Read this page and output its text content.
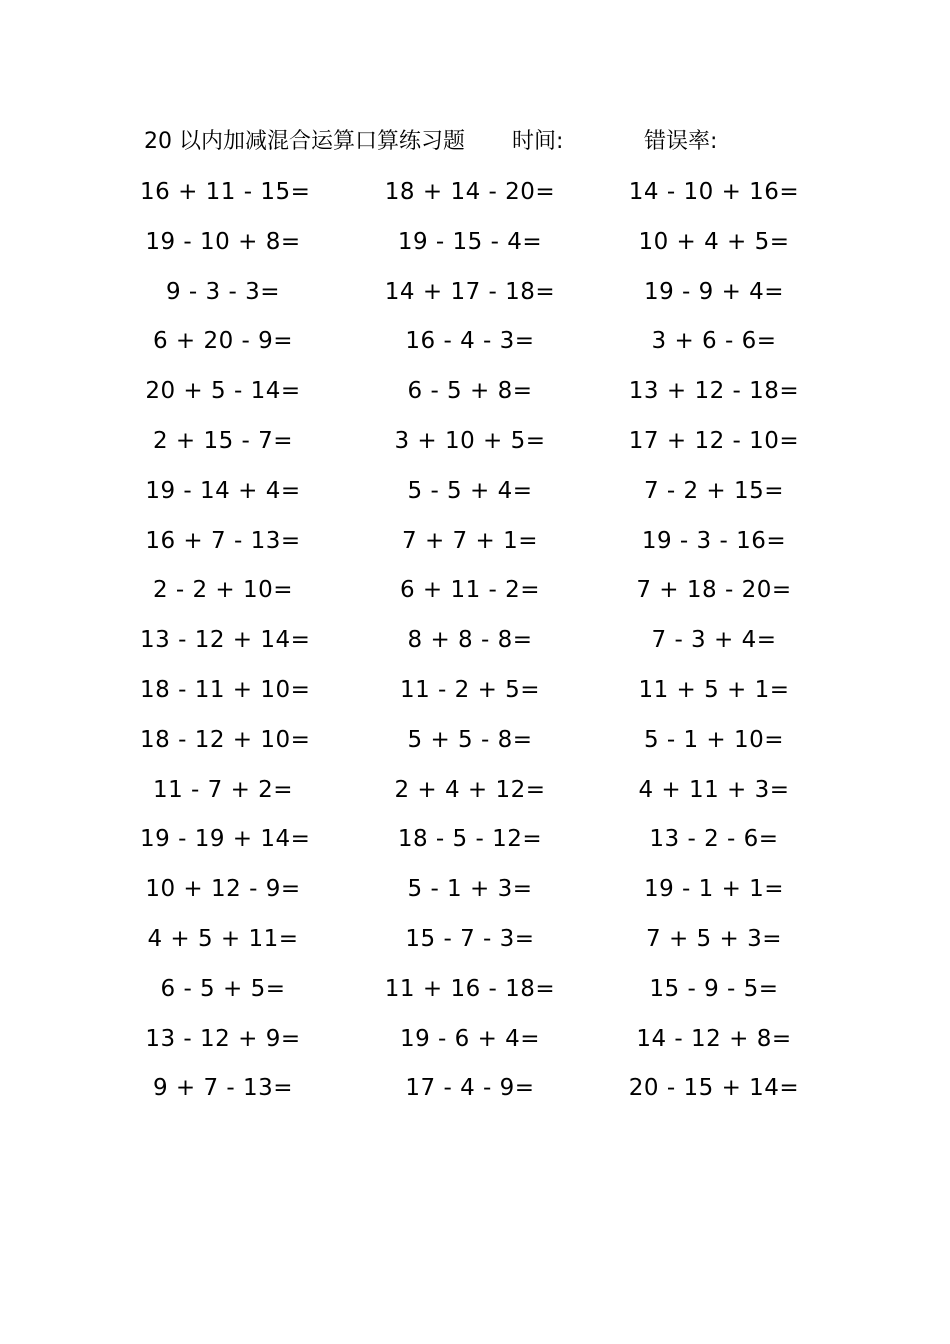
20 以内加减混合运算口算练习题 时间:	错误率:
16 + 11 - 15=	18 + 14 - 20=	14 - 10 + 16=
19 - 10 + 8=	19 - 15 - 4=	10 + 4 + 5=
9 - 3 - 3=	14 + 17 - 18=	19 - 9 + 4=
6 + 20 - 9=	16 - 4 - 3=	3 + 6 - 6=
20 + 5 - 14=	6 - 5 + 8=	13 + 12 - 18=
2 + 15 - 7=	3 + 10 + 5=	17 + 12 - 10=
19 - 14 + 4=	5 - 5 + 4=	7 - 2 + 15=
16 + 7 - 13=	7 + 7 + 1=	19 - 3 - 16=
2 - 2 + 10=	6 + 11 - 2=	7 + 18 - 20=
13 - 12 + 14=	8 + 8 - 8=	7 - 3 + 4=
18 - 11 + 10=	11 - 2 + 5=	11 + 5 + 1=
18 - 12 + 10=	5 + 5 - 8=	5 - 1 + 10=
11 - 7 + 2=	2 + 4 + 12=	4 + 11 + 3=
19 - 19 + 14=	18 - 5 - 12=	13 - 2 - 6=
10 + 12 - 9=	5 - 1 + 3=	19 - 1 + 1=
4 + 5 + 11=	15 - 7 - 3=	7 + 5 + 3=
6 - 5 + 5=	11 + 16 - 18=	15 - 9 - 5=
13 - 12 + 9=	19 - 6 + 4=	14 - 12 + 8=
9 + 7 - 13=	17 - 4 - 9=	20 - 15 + 14=
